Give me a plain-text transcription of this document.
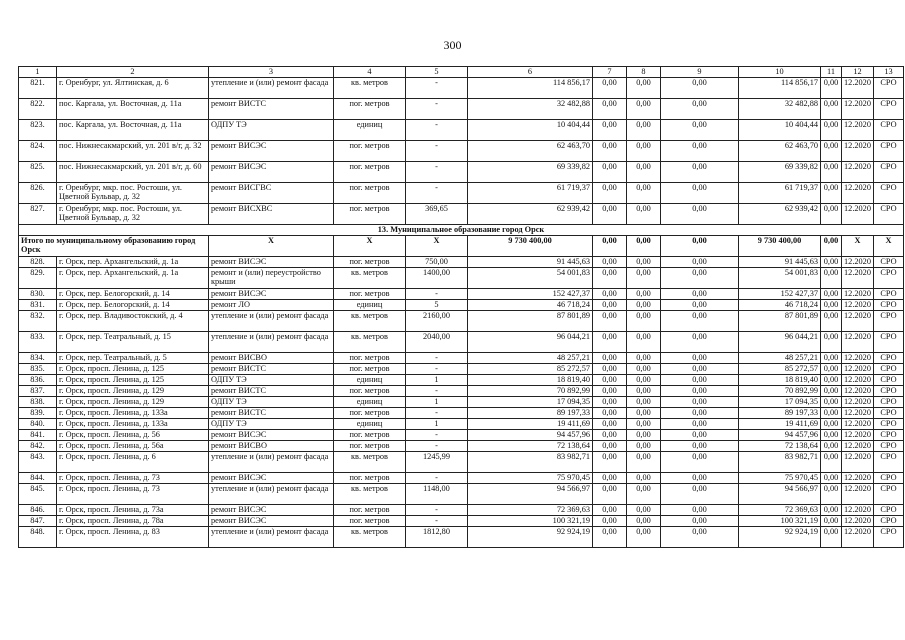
300
1	2	3	4	5	6	7	8	9	10	11	12	13
821.	г. Оренбург, ул. Ялтинская, д. 6	утепление и (или) ремонт фасада	кв. метров	-	114 856,17	0,00	0,00	0,00	114 856,17	0,00	12.2020	СРО
822.	пос. Каргала, ул. Восточная, д. 11а	ремонт ВИСТС	пог. метров	-	32 482,88	0,00	0,00	0,00	32 482,88	0,00	12.2020	СРО
823.	пос. Каргала, ул. Восточная, д. 11а	ОДПУ ТЭ	единиц	-	10 404,44	0,00	0,00	0,00	10 404,44	0,00	12.2020	СРО
824.	пос. Нижнесакмарский, ул. 201 в/г, д. 32	ремонт ВИСЭС	пог. метров	-	62 463,70	0,00	0,00	0,00	62 463,70	0,00	12.2020	СРО
825.	пос. Нижнесакмарский, ул. 201 в/г, д. 60	ремонт ВИСЭС	пог. метров	-	69 339,82	0,00	0,00	0,00	69 339,82	0,00	12.2020	СРО
826.	г. Оренбург, мкр. пос. Ростоши, ул. Цветной Бульвар, д. 32	ремонт ВИСГВС	пог. метров	-	61 719,37	0,00	0,00	0,00	61 719,37	0,00	12.2020	СРО
827.	г. Оренбург, мкр. пос. Ростоши, ул. Цветной Бульвар, д. 32	ремонт ВИСХВС	пог. метров	369,65	62 939,42	0,00	0,00	0,00	62 939,42	0,00	12.2020	СРО
13. Муниципальное образование город Орск												
Итого по муниципальному образованию город Орск		X	X	X	9 730 400,00	0,00	0,00	0,00	9 730 400,00	0,00	X	X
828.	г. Орск, пер. Архангельский, д. 1а	ремонт ВИСЭС	пог. метров	750,00	91 445,63	0,00	0,00	0,00	91 445,63	0,00	12.2020	СРО
829.	г. Орск, пер. Архангельский, д. 1а	ремонт и (или) переустройство крыши	кв. метров	1400,00	54 001,83	0,00	0,00	0,00	54 001,83	0,00	12.2020	СРО
830.	г. Орск, пер. Белогорский, д. 14	ремонт ВИСЭС	пог. метров	-	152 427,37	0,00	0,00	0,00	152 427,37	0,00	12.2020	СРО
831.	г. Орск, пер. Белогорский, д. 14	ремонт ЛО	единиц	5	46 718,24	0,00	0,00	0,00	46 718,24	0,00	12.2020	СРО
832.	г. Орск, пер. Владивостокский, д. 4	утепление и (или) ремонт фасада	кв. метров	2160,00	87 801,89	0,00	0,00	0,00	87 801,89	0,00	12.2020	СРО
833.	г. Орск, пер. Театральный, д. 15	утепление и (или) ремонт фасада	кв. метров	2040,00	96 044,21	0,00	0,00	0,00	96 044,21	0,00	12.2020	СРО
834.	г. Орск, пер. Театральный, д. 5	ремонт ВИСВО	пог. метров	-	48 257,21	0,00	0,00	0,00	48 257,21	0,00	12.2020	СРО
835.	г. Орск, просп. Ленина, д. 125	ремонт ВИСТС	пог. метров	-	85 272,57	0,00	0,00	0,00	85 272,57	0,00	12.2020	СРО
836.	г. Орск, просп. Ленина, д. 125	ОДПУ ТЭ	единиц	1	18 819,40	0,00	0,00	0,00	18 819,40	0,00	12.2020	СРО
837.	г. Орск, просп. Ленина, д. 129	ремонт ВИСТС	пог. метров	-	70 892,99	0,00	0,00	0,00	70 892,99	0,00	12.2020	СРО
838.	г. Орск, просп. Ленина, д. 129	ОДПУ ТЭ	единиц	1	17 094,35	0,00	0,00	0,00	17 094,35	0,00	12.2020	СРО
839.	г. Орск, просп. Ленина, д. 133а	ремонт ВИСТС	пог. метров	-	89 197,33	0,00	0,00	0,00	89 197,33	0,00	12.2020	СРО
840.	г. Орск, просп. Ленина, д. 133а	ОДПУ ТЭ	единиц	1	19 411,69	0,00	0,00	0,00	19 411,69	0,00	12.2020	СРО
841.	г. Орск, просп. Ленина, д. 56	ремонт ВИСЭС	пог. метров	-	94 457,96	0,00	0,00	0,00	94 457,96	0,00	12.2020	СРО
842.	г. Орск, просп. Ленина, д. 56а	ремонт ВИСВО	пог. метров	-	72 138,64	0,00	0,00	0,00	72 138,64	0,00	12.2020	СРО
843.	г. Орск, просп. Ленина, д. 6	утепление и (или) ремонт фасада	кв. метров	1245,99	83 982,71	0,00	0,00	0,00	83 982,71	0,00	12.2020	СРО
844.	г. Орск, просп. Ленина, д. 73	ремонт ВИСЭС	пог. метров	-	75 970,45	0,00	0,00	0,00	75 970,45	0,00	12.2020	СРО
845.	г. Орск, просп. Ленина, д. 73	утепление и (или) ремонт фасада	кв. метров	1148,00	94 566,97	0,00	0,00	0,00	94 566,97	0,00	12.2020	СРО
846.	г. Орск, просп. Ленина, д. 73а	ремонт ВИСЭС	пог. метров	-	72 369,63	0,00	0,00	0,00	72 369,63	0,00	12.2020	СРО
847.	г. Орск, просп. Ленина, д. 78а	ремонт ВИСЭС	пог. метров	-	100 321,19	0,00	0,00	0,00	100 321,19	0,00	12.2020	СРО
848.	г. Орск, просп. Ленина, д. 83	утепление и (или) ремонт фасада	кв. метров	1812,80	92 924,19	0,00	0,00	0,00	92 924,19	0,00	12.2020	СРО
